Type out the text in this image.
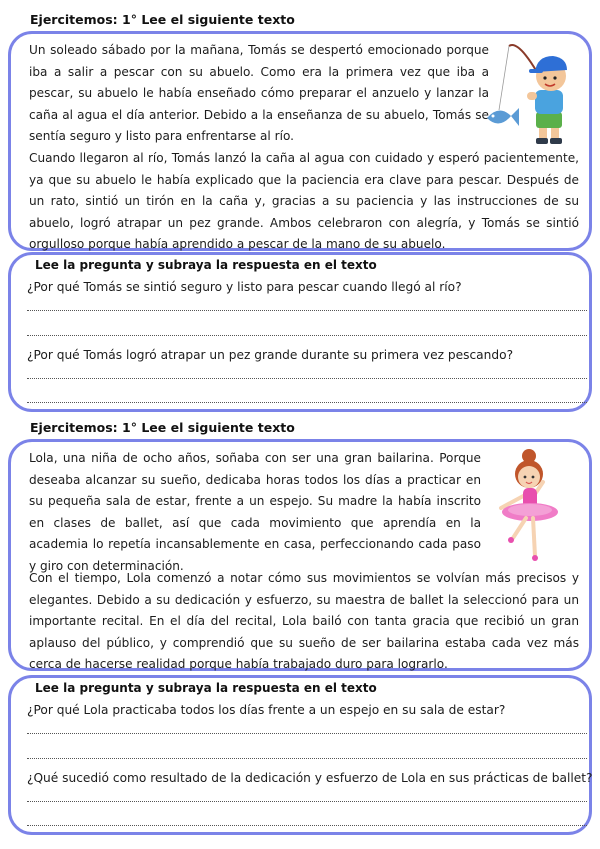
Ejercitemos: 1° Lee el siguiente texto
Un soleado sábado por la mañana, Tomás se despertó emocionado porque iba a salir a pescar con su abuelo. Como era la primera vez que iba a pescar, su abuelo le había enseñado cómo preparar el anzuelo y lanzar la caña al agua el día anterior. Debido a la enseñanza de su abuelo, Tomás se sentía seguro y listo para enfrentarse al río.
Cuando llegaron al río, Tomás lanzó la caña al agua con cuidado y esperó pacientemente, ya que su abuelo le había explicado que la paciencia era clave para pescar. Después de un rato, sintió un tirón en la caña y, gracias a su paciencia y las instrucciones de su abuelo, logró atrapar un pez grande. Ambos celebraron con alegría, y Tomás se sintió orgulloso porque había aprendido a pescar de la mano de su abuelo.
Lee la pregunta y subraya la respuesta en el texto
¿Por qué Tomás se sintió seguro y listo para pescar cuando llegó al río?
¿Por qué Tomás logró atrapar un pez grande durante su primera vez pescando?
Ejercitemos: 1° Lee el siguiente texto
Lola, una niña de ocho años, soñaba con ser una gran bailarina. Porque deseaba alcanzar su sueño, dedicaba horas todos los días a practicar en su pequeña sala de estar, frente a un espejo. Su madre la había inscrito en clases de ballet, así que cada movimiento que aprendía en la academia lo repetía incansablemente en casa, perfeccionando cada paso y giro con determinación.
Con el tiempo, Lola comenzó a notar cómo sus movimientos se volvían más precisos y elegantes. Debido a su dedicación y esfuerzo, su maestra de ballet la seleccionó para un importante recital. En el día del recital, Lola bailó con tanta gracia que recibió un gran aplauso del público, y comprendió que su sueño de ser bailarina estaba cada vez más cerca de hacerse realidad porque había trabajado duro para lograrlo.
Lee la pregunta y subraya la respuesta en el texto
¿Por qué Lola practicaba todos los días frente a un espejo en su sala de estar?
¿Qué sucedió como resultado de la dedicación y esfuerzo de Lola en sus prácticas de ballet?
